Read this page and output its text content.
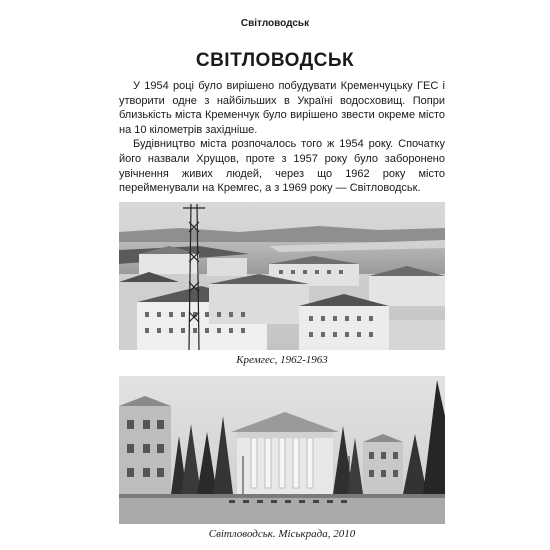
Світловодськ
СВІТЛОВОДСЬК

У 1954 році було вирішено побудувати Кременчуцьку ГЕС і утворити одне з найбільших в Україні водосховищ. Попри близькість міста Кременчук було вирішено звести окреме місто на 10 кілометрів західніше.

Будівництво міста розпочалось того ж 1954 року. Спочатку його назвали Хрущов, проте з 1957 року було заборонено увічнення живих людей, через що 1962 року місто перейменували на Кремгес, а з 1969 року — Світловодськ.

Кремгес, 1962-1963
Світловодськ. Міськрада, 2010
